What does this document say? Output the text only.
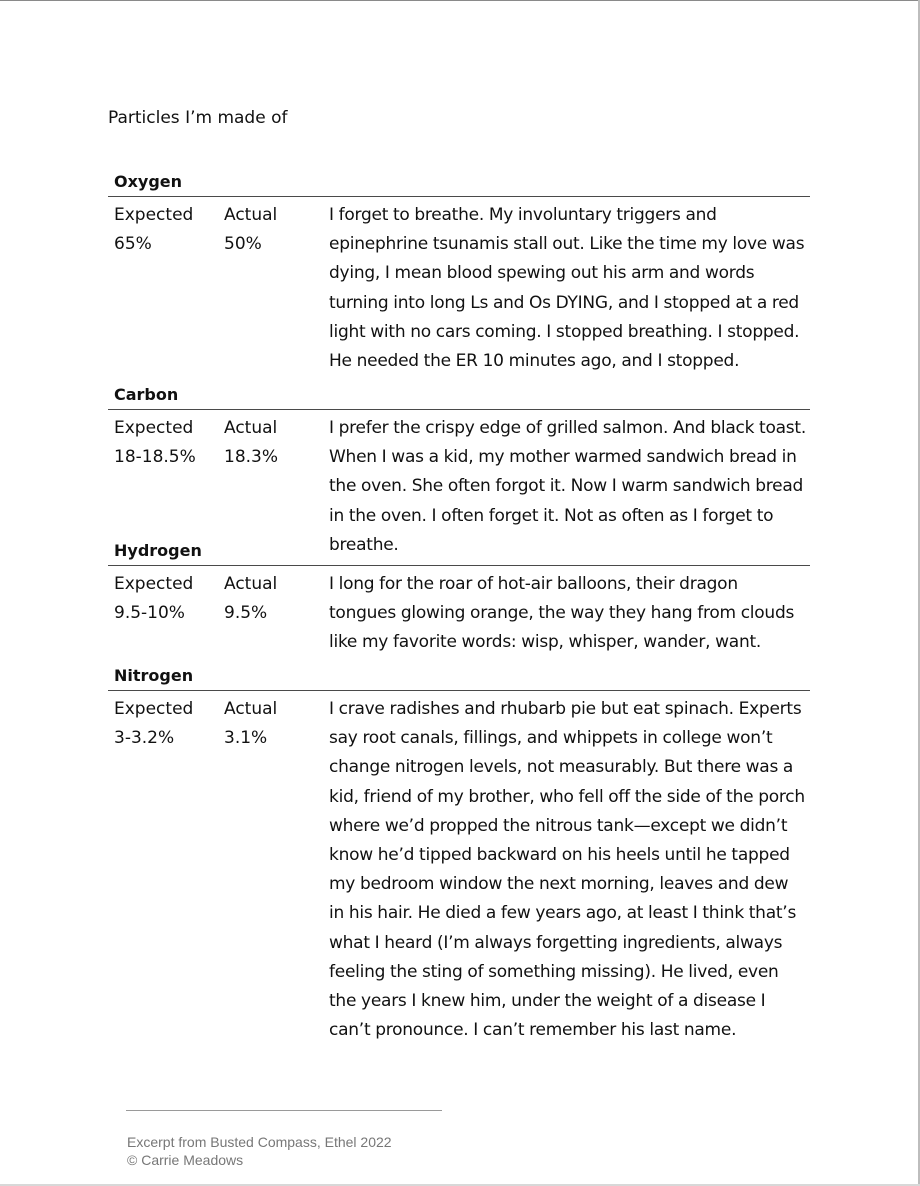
Particles I’m made of
Oxygen
Expected
65%
Actual
50%
I forget to breathe. My involuntary triggers and epinephrine tsunamis stall out. Like the time my love was dying, I mean blood spewing out his arm and words turning into long Ls and Os DYING, and I stopped at a red light with no cars coming. I stopped breathing. I stopped. He needed the ER 10 minutes ago, and I stopped.
Carbon
Expected
18-18.5%
Actual
18.3%
I prefer the crispy edge of grilled salmon. And black toast. When I was a kid, my mother warmed sandwich bread in the oven. She often forgot it. Now I warm sandwich bread in the oven. I often forget it. Not as often as I forget to breathe.
Hydrogen
Expected
9.5-10%
Actual
9.5%
I long for the roar of hot-air balloons, their dragon tongues glowing orange, the way they hang from clouds like my favorite words: wisp, whisper, wander, want.
Nitrogen
Expected
3-3.2%
Actual
3.1%
I crave radishes and rhubarb pie but eat spinach. Experts say root canals, fillings, and whippets in college won’t change nitrogen levels, not measurably. But there was a kid, friend of my brother, who fell off the side of the porch where we’d propped the nitrous tank—except we didn’t know he’d tipped backward on his heels until he tapped my bedroom window the next morning, leaves and dew in his hair. He died a few years ago, at least I think that’s what I heard (I’m always forgetting ingredients, always feeling the sting of something missing). He lived, even the years I knew him, under the weight of a disease I can’t pronounce. I can’t remember his last name.
Excerpt from Busted Compass, Ethel 2022
© Carrie Meadows
